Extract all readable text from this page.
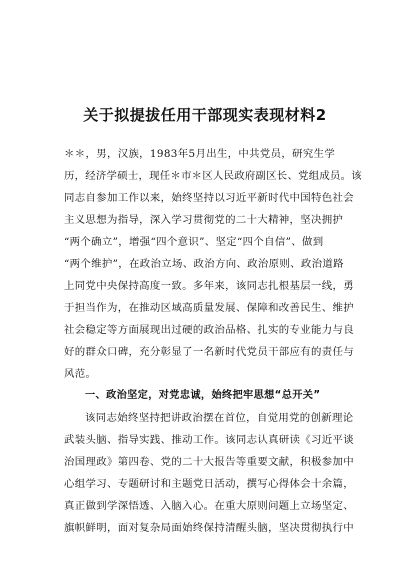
关于拟提拔任用干部现实表现材料2
＊＊，男，汉族，1983年5月出生，中共党员，研究生学
历，经济学硕士，现任＊市＊区人民政府副区长、党组成员。该
同志自参加工作以来，始终坚持以习近平新时代中国特色社会
主义思想为指导，深入学习贯彻党的二十大精神，坚决拥护
“两个确立”，增强“四个意识”、坚定“四个自信”、做到
“两个维护”，在政治立场、政治方向、政治原则、政治道路
上同党中央保持高度一致。多年来，该同志扎根基层一线，勇
于担当作为，在推动区域高质量发展、保障和改善民生、维护
社会稳定等方面展现出过硬的政治品格、扎实的专业能力与良
好的群众口碑，充分彰显了一名新时代党员干部应有的责任与
风范。
一、政治坚定，对党忠诚，始终把牢思想“总开关”
该同志始终坚持把讲政治摆在首位，自觉用党的创新理论
武装头脑、指导实践、推动工作。该同志认真研读《习近平谈
治国理政》第四卷、党的二十大报告等重要文献，积极参加中
心组学习、专题研讨和主题党日活动，撰写心得体会十余篇，
真正做到学深悟透、入脑入心。在重大原则问题上立场坚定、
旗帜鲜明，面对复杂局面始终保持清醒头脑，坚决贯彻执行中
